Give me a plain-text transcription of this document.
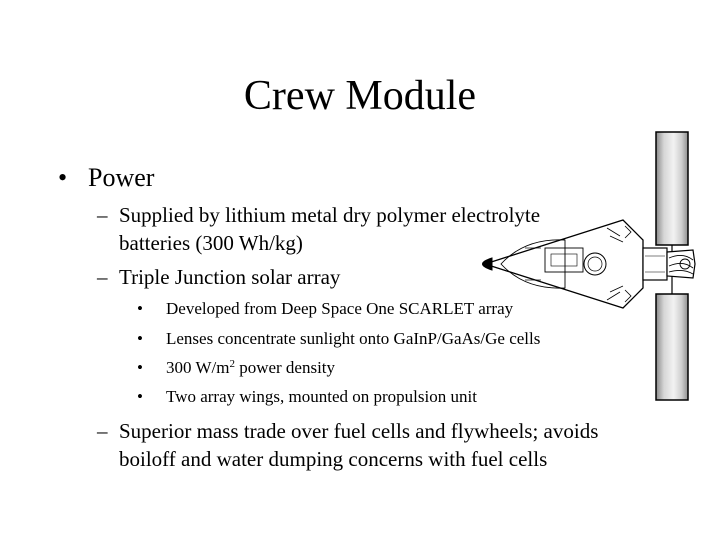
Crew Module
• Power
– Supplied by lithium metal dry polymer electrolyte
batteries (300 Wh/kg)
– Triple Junction solar array
• Developed from Deep Space One SCARLET array
• Lenses concentrate sunlight onto GaInP/GaAs/Ge cells
• 300 $W/m^2$ power density
• Two array wings, mounted on propulsion unit
– Superior mass trade over fuel cells and flywheels; avoids
boiloff and water dumping concerns with fuel cells
